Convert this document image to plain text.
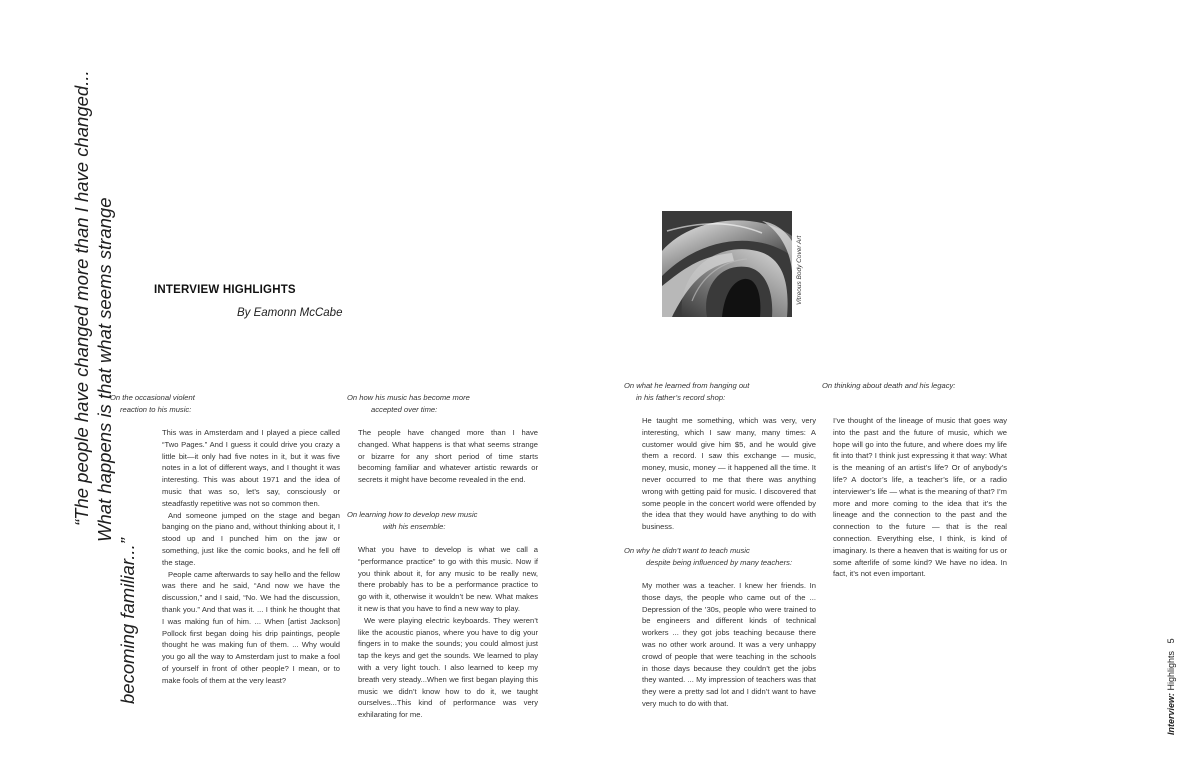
“The people have changed more than I have changed... What happens is that what seems strange
becoming familiar...”
INTERVIEW HIGHLIGHTS
By Eamonn McCabe
On the occasional violent
reaction to his music:

This was in Amsterdam and I played a piece called “Two Pages.” And I guess it could drive you crazy a little bit—it only had five notes in it, but it was five notes in a lot of different ways, and I thought it was interesting. This was about 1971 and the idea of music that was so, let’s say, consciously or steadfastly repetitive was not so common then.

And someone jumped on the stage and began banging on the piano and, without thinking about it, I stood up and I punched him on the jaw or something, just like the comic books, and he fell off the stage.

People came afterwards to say hello and the fellow was there and he said, “And now we have the discussion,” and I said, “No. We had the discussion, thank you.” And that was it. ... I think he thought that I was making fun of him. ... When [artist Jackson] Pollock first began doing his drip paintings, people thought he was making fun of them. ... Why would you go all the way to Amsterdam just to make a fool of yourself in front of other people? I mean, or to make fools of them at the very least?

On how his music has become more
accepted over time:

The people have changed more than I have changed. What happens is that what seems strange or bizarre for any short period of time starts becoming familiar and whatever artistic rewards or secrets it might have become revealed in the end.

On learning how to develop new music
with his ensemble:

What you have to develop is what we call a “performance practice” to go with this music. Now if you think about it, for any music to be really new, there probably has to be a performance practice to go with it, otherwise it wouldn’t be new. What makes it new is that you have to find a new way to play.

We were playing electric keyboards. They weren’t like the acoustic pianos, where you have to dig your fingers in to make the sounds; you could almost just tap the keys and get the sounds. We learned to play with a very light touch. I also learned to keep my breath very steady...When we first began playing this music we didn’t know how to do it, we taught ourselves...This kind of performance was very exhilarating for me.

Vitreous Body Cover Art
On what he learned from hanging out
in his father’s record shop:

He taught me something, which was very, very interesting, which I saw many, many times: A customer would give him $5, and he would give them a record. I saw this exchange — music, money, music, money — it happened all the time. It never occurred to me that there was anything wrong with getting paid for music. I discovered that some people in the concert world were offended by the idea that they would have anything to do with business.

On why he didn’t want to teach music
despite being influenced by many teachers:

My mother was a teacher. I knew her friends. In those days, the people who came out of the ... Depression of the ’30s, people who were trained to be engineers and different kinds of technical workers ... they got jobs teaching because there was no other work around. It was a very unhappy crowd of people that were teaching in the schools in those days because they couldn’t get the jobs they wanted. ... My impression of teachers was that they were a pretty sad lot and I didn’t want to have very much to do with that.

On thinking about death and his legacy:

I’ve thought of the lineage of music that goes way into the past and the future of music, which we hope will go into the future, and where does my life fit into that? I think just expressing it that way: What is the meaning of an artist’s life? Or of anybody’s life? A doctor’s life, a teacher’s life, or a radio interviewer’s life — what is the meaning of that? I’m more and more coming to the idea that it’s the lineage and the connection to the past and the connection to the future — that is the real connection. Everything else, I think, is kind of imaginary. Is there a heaven that is waiting for us or some afterlife of some kind? We have no idea. In fact, it’s not even important.

Interview: Highlights   5
